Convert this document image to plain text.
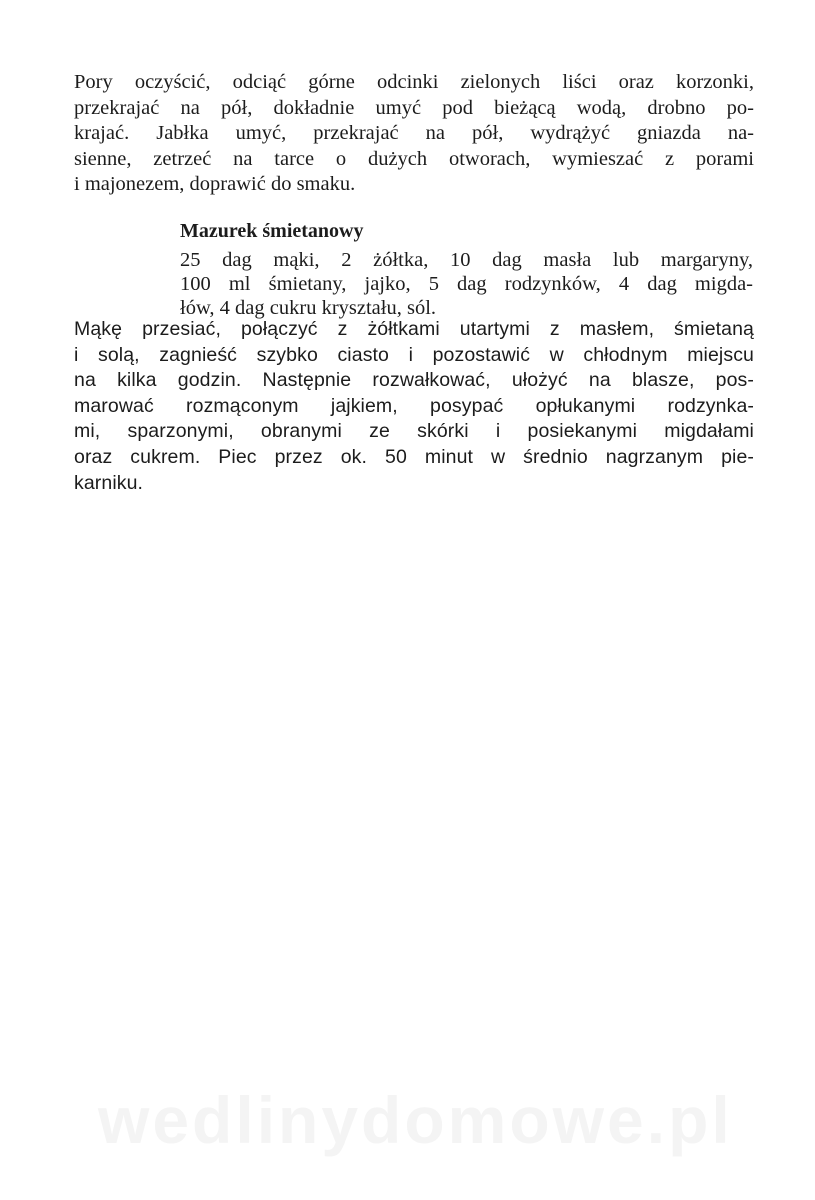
Pory oczyścić, odciąć górne odcinki zielonych liści oraz korzonki,
przekrajać na pół, dokładnie umyć pod bieżącą wodą, drobno po-
krajać. Jabłka umyć, przekrajać na pół, wydrążyć gniazda na-
sienne, zetrzeć na tarce o dużych otworach, wymieszać z porami
i majonezem, doprawić do smaku.

Mazurek śmietanowy

25 dag mąki, 2 żółtka, 10 dag masła lub margaryny,
100 ml śmietany, jajko, 5 dag rodzynków, 4 dag migda-
łów, 4 dag cukru kryształu, sól.

Mąkę przesiać, połączyć z żółtkami utartymi z masłem, śmietaną
i solą, zagnieść szybko ciasto i pozostawić w chłodnym miejscu
na kilka godzin. Następnie rozwałkować, ułożyć na blasze, pos-
marować rozmąconym jajkiem, posypać opłukanymi rodzynka-
mi, sparzonymi, obranymi ze skórki i posiekanymi migdałami
oraz cukrem. Piec przez ok. 50 minut w średnio nagrzanym pie-
karniku.

wedlinydomowe.pl
